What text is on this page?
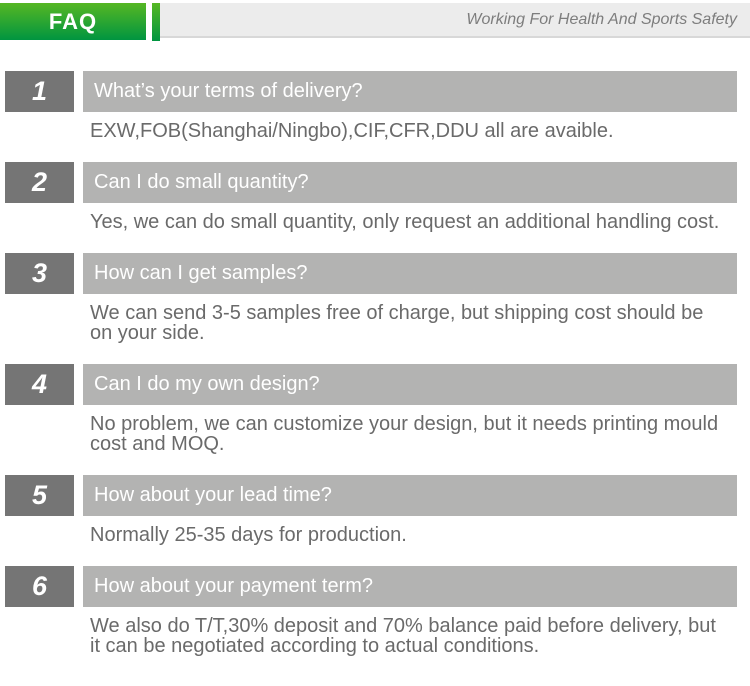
FAQ	Working For Health And Sports Safety
1	What’s your terms of delivery?
EXW,FOB(Shanghai/Ningbo),CIF,CFR,DDU all are avaible.
2	Can I do small quantity?
Yes, we can do small quantity, only request an additional handling cost.
3	How can I get samples?
We can send 3-5 samples free of charge, but shipping cost should be on your side.
4	Can I do my own design?
No problem, we can customize your design, but it needs printing mould cost and MOQ.
5	How about your lead time?
Normally 25-35 days for production.
6	How about your payment term?
We also do T/T,30% deposit and 70% balance paid before delivery, but it can be negotiated according to actual conditions.
